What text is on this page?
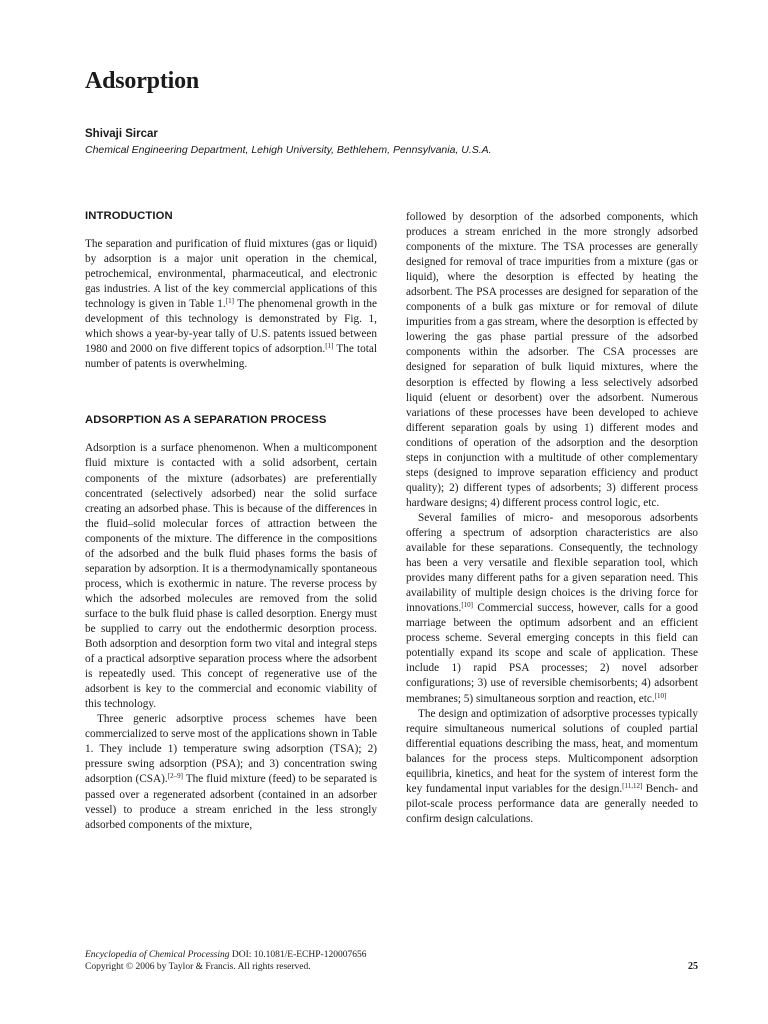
Adsorption

Shivaji Sircar

Chemical Engineering Department, Lehigh University, Bethlehem, Pennsylvania, U.S.A.

INTRODUCTION

The separation and purification of fluid mixtures (gas or liquid) by adsorption is a major unit operation in the chemical, petrochemical, environmental, pharmaceutical, and electronic gas industries. A list of the key commercial applications of this technology is given in Table 1.[1] The phenomenal growth in the development of this technology is demonstrated by Fig. 1, which shows a year-by-year tally of U.S. patents issued between 1980 and 2000 on five different topics of adsorption.[1] The total number of patents is overwhelming.

ADSORPTION AS A SEPARATION PROCESS

Adsorption is a surface phenomenon. When a multicomponent fluid mixture is contacted with a solid adsorbent, certain components of the mixture (adsorbates) are preferentially concentrated (selectively adsorbed) near the solid surface creating an adsorbed phase. This is because of the differences in the fluid–solid molecular forces of attraction between the components of the mixture. The difference in the compositions of the adsorbed and the bulk fluid phases forms the basis of separation by adsorption. It is a thermodynamically spontaneous process, which is exothermic in nature. The reverse process by which the adsorbed molecules are removed from the solid surface to the bulk fluid phase is called desorption. Energy must be supplied to carry out the endothermic desorption process. Both adsorption and desorption form two vital and integral steps of a practical adsorptive separation process where the adsorbent is repeatedly used. This concept of regenerative use of the adsorbent is key to the commercial and economic viability of this technology.

Three generic adsorptive process schemes have been commercialized to serve most of the applications shown in Table 1. They include 1) temperature swing adsorption (TSA); 2) pressure swing adsorption (PSA); and 3) concentration swing adsorption (CSA).[2–9] The fluid mixture (feed) to be separated is passed over a regenerated adsorbent (contained in an adsorber vessel) to produce a stream enriched in the less strongly adsorbed components of the mixture,

followed by desorption of the adsorbed components, which produces a stream enriched in the more strongly adsorbed components of the mixture. The TSA processes are generally designed for removal of trace impurities from a mixture (gas or liquid), where the desorption is effected by heating the adsorbent. The PSA processes are designed for separation of the components of a bulk gas mixture or for removal of dilute impurities from a gas stream, where the desorption is effected by lowering the gas phase partial pressure of the adsorbed components within the adsorber. The CSA processes are designed for separation of bulk liquid mixtures, where the desorption is effected by flowing a less selectively adsorbed liquid (eluent or desorbent) over the adsorbent. Numerous variations of these processes have been developed to achieve different separation goals by using 1) different modes and conditions of operation of the adsorption and the desorption steps in conjunction with a multitude of other complementary steps (designed to improve separation efficiency and product quality); 2) different types of adsorbents; 3) different process hardware designs; 4) different process control logic, etc.

Several families of micro- and mesoporous adsorbents offering a spectrum of adsorption characteristics are also available for these separations. Consequently, the technology has been a very versatile and flexible separation tool, which provides many different paths for a given separation need. This availability of multiple design choices is the driving force for innovations.[10] Commercial success, however, calls for a good marriage between the optimum adsorbent and an efficient process scheme. Several emerging concepts in this field can potentially expand its scope and scale of application. These include 1) rapid PSA processes; 2) novel adsorber configurations; 3) use of reversible chemisorbents; 4) adsorbent membranes; 5) simultaneous sorption and reaction, etc.[10]

The design and optimization of adsorptive processes typically require simultaneous numerical solutions of coupled partial differential equations describing the mass, heat, and momentum balances for the process steps. Multicomponent adsorption equilibria, kinetics, and heat for the system of interest form the key fundamental input variables for the design.[11,12] Bench- and pilot-scale process performance data are generally needed to confirm design calculations.

Encyclopedia of Chemical Processing DOI: 10.1081/E-ECHP-120007656
Copyright © 2006 by Taylor & Francis. All rights reserved.	25
